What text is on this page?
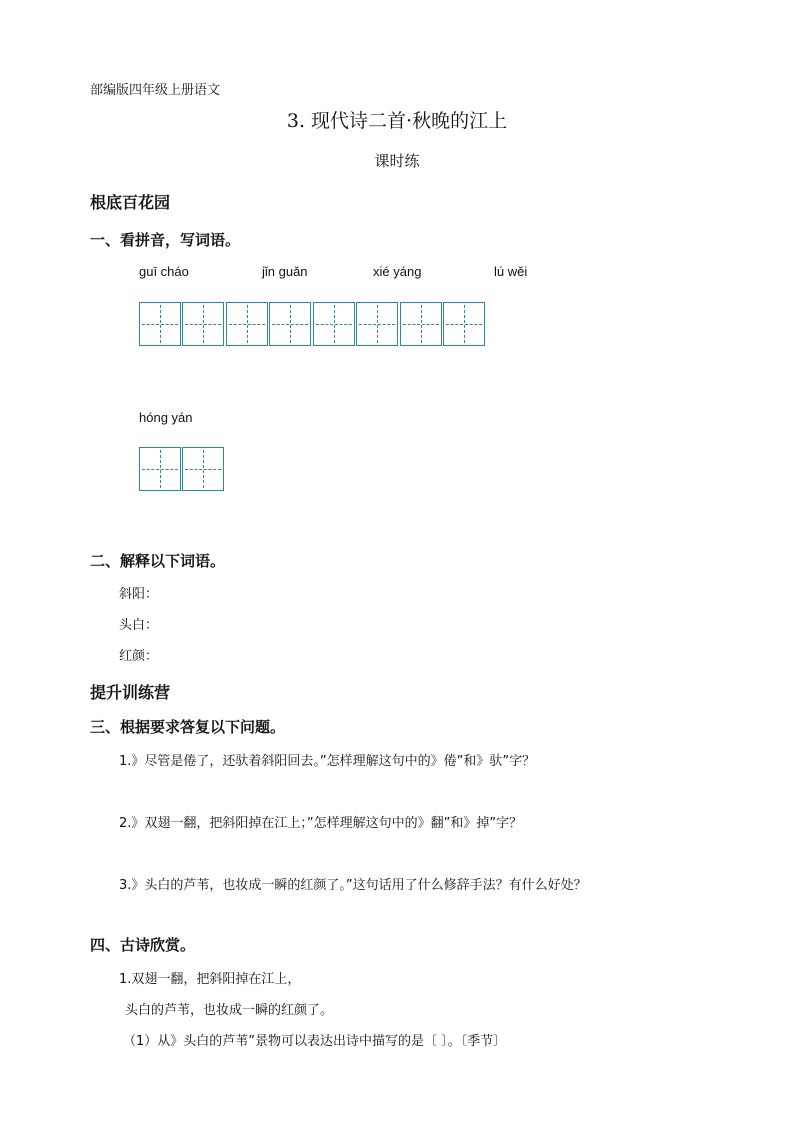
部编版四年级上册语文
3. 现代诗二首·秋晚的江上
课时练
根底百花园
一、看拼音，写词语。
guī cháo	jǐn guǎn	xié yáng	lú wěi
hóng yán
二、解释以下词语。
斜阳：
头白：
红颜：
提升训练营
三、根据要求答复以下问题。
1.》尽管是倦了，还驮着斜阳回去。”怎样理解这句中的》倦”和》驮”字？
2.》双翅一翻，把斜阳掉在江上；”怎样理解这句中的》翻”和》掉”字？
3.》头白的芦苇，也妆成一瞬的红颜了。”这句话用了什么修辞手法？有什么好处？
四、古诗欣赏。
1.双翅一翻，把斜阳掉在江上，
头白的芦苇，也妆成一瞬的红颜了。
（1）从》头白的芦苇”景物可以表达出诗中描写的是〔 〕。〔季节〕
